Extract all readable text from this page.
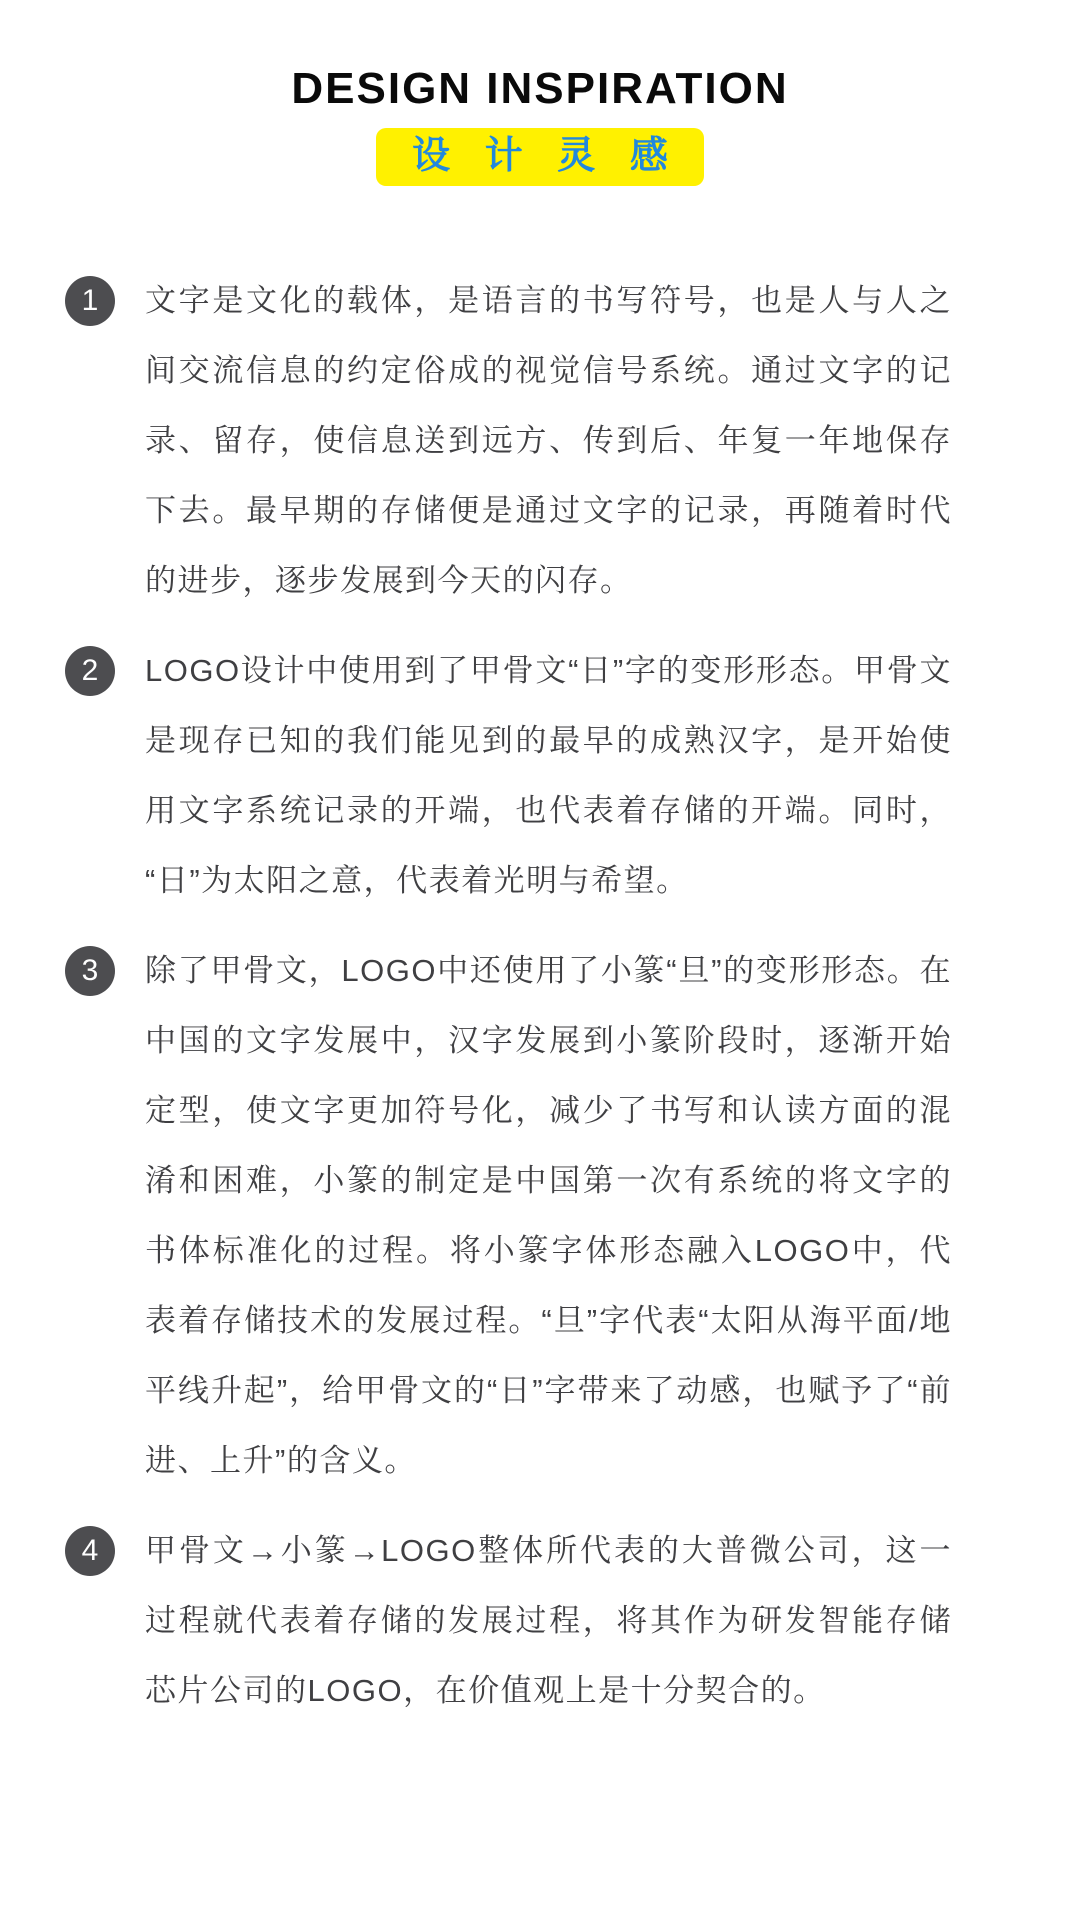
DESIGN INSPIRATION
设 计 灵 感
1	文字是文化的载体，是语言的书写符号，也是人与人之间交流信息的约定俗成的视觉信号系统。通过文字的记录、留存，使信息送到远方、传到后、年复一年地保存下去。最早期的存储便是通过文字的记录，再随着时代的进步，逐步发展到今天的闪存。

2	LOGO设计中使用到了甲骨文“日”字的变形形态。甲骨文是现存已知的我们能见到的最早的成熟汉字，是开始使用文字系统记录的开端，也代表着存储的开端。同时，“日”为太阳之意，代表着光明与希望。

3	除了甲骨文，LOGO中还使用了小篆“旦”的变形形态。在中国的文字发展中，汉字发展到小篆阶段时，逐渐开始定型，使文字更加符号化，减少了书写和认读方面的混淆和困难，小篆的制定是中国第一次有系统的将文字的书体标准化的过程。将小篆字体形态融入LOGO中，代表着存储技术的发展过程。“旦”字代表“太阳从海平面/地平线升起”，给甲骨文的“日”字带来了动感，也赋予了“前进、上升”的含义。

4	甲骨文→小篆→LOGO整体所代表的大普微公司，这一过程就代表着存储的发展过程，将其作为研发智能存储芯片公司的LOGO，在价值观上是十分契合的。
